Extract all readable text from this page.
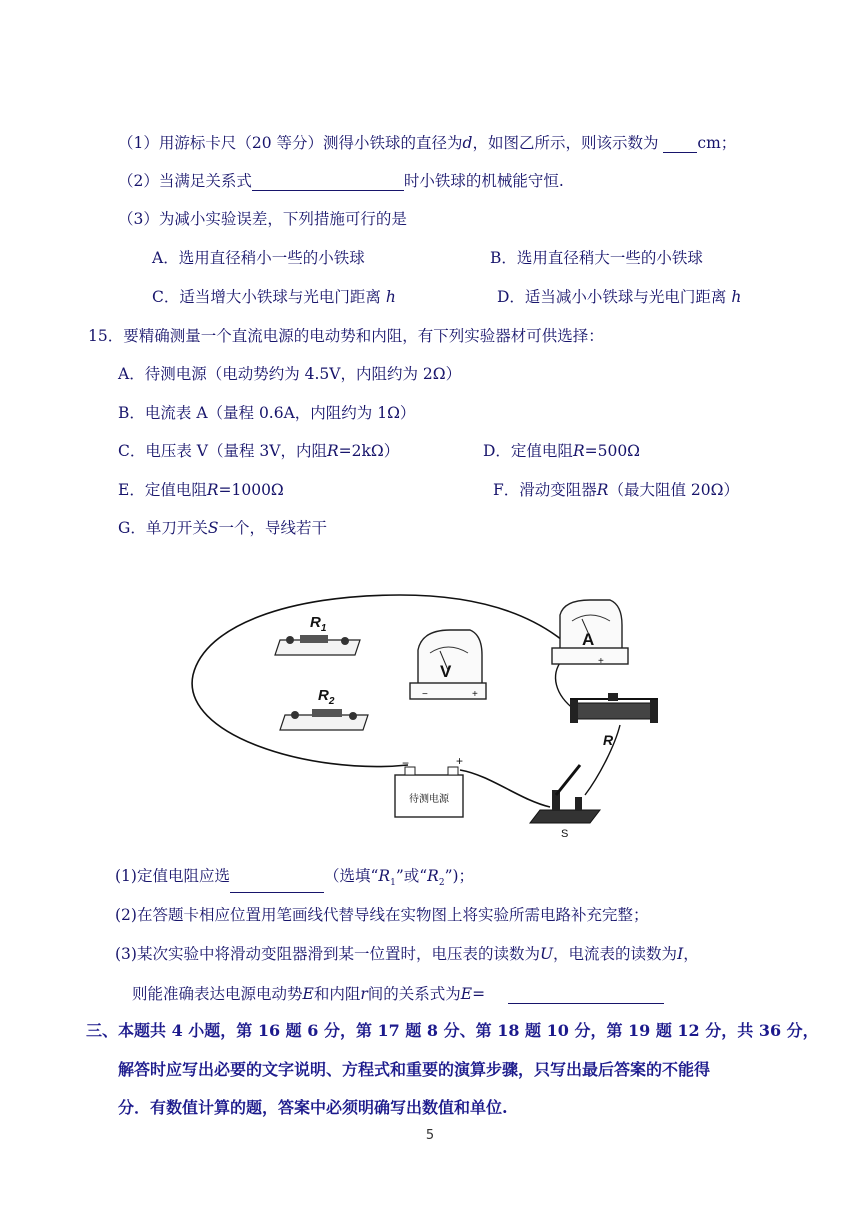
（1）用游标卡尺（20 等分）测得小铁球的直径为d，如图乙所示，则该示数为	cm；
（2）当满足关系式	时小铁球的机械能守恒.
（3）为减小实验误差，下列措施可行的是
A．选用直径稍小一些的小铁球	B．选用直径稍大一些的小铁球
C．适当增大小铁球与光电门距离 h	D．适当减小小铁球与光电门距离 h
15．要精确测量一个直流电源的电动势和内阻，有下列实验器材可供选择：
A．待测电源（电动势约为 4.5V，内阻约为 2Ω）
B．电流表 A（量程 0.6A，内阻约为 1Ω）
C．电压表 V（量程 3V，内阻R=2kΩ）	D．定值电阻R=500Ω
E．定值电阻R=1000Ω	F．滑动变阻器R（最大阻值 20Ω）
G．单刀开关S一个，导线若干
$R_1$
$R_2$
V
−	+
A
+
R
待测电源
−	+
S
(1)定值电阻应选	（选填“$R_1$”或“$R_2$”)；
(2)在答题卡相应位置用笔画线代替导线在实物图上将实验所需电路补充完整；
(3)某次实验中将滑动变阻器滑到某一位置时，电压表的读数为U，电流表的读数为I，
则能准确表达电源电动势E和内阻r间的关系式为E=
三、本题共 4 小题，第 16 题 6 分，第 17 题 8 分、第 18 题 10 分，第 19 题 12 分，共 36 分，
解答时应写出必要的文字说明、方程式和重要的演算步骤，只写出最后答案的不能得
分．有数值计算的题，答案中必须明确写出数值和单位.
5
